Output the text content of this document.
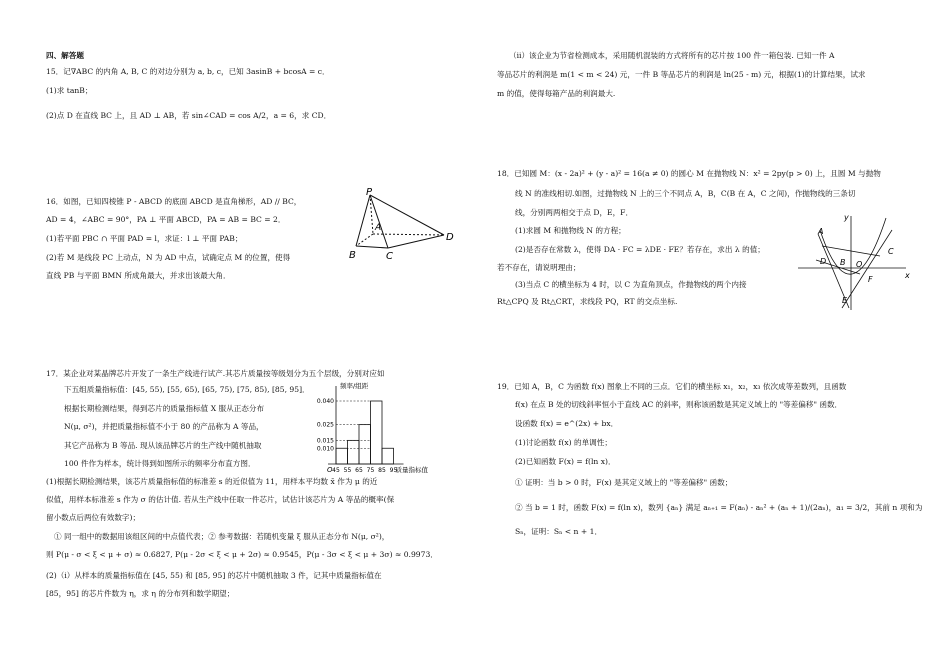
四、解答题

15．记∇ABC 的内角 A, B, C 的对边分别为 a, b, c，已知 3asinB + bcosA = c．

(1)求 tanB；

(2)点 D 在直线 BC 上，且 AD ⊥ AB，若 sin∠CAD = cos A/2，a = 6，求 CD．

16．如图，已知四棱锥 P - ABCD 的底面 ABCD 是直角梯形，AD // BC，

AD = 4，∠ABC = 90°，PA ⊥ 平面 ABCD，PA = AB = BC = 2．

(1)若平面 PBC ∩ 平面 PAD = l，求证：l ⊥ 平面 PAB；

(2)若 M 是线段 PC 上动点，N 为 AD 中点，试确定点 M 的位置，使得

直线 PB 与平面 BMN 所成角最大，并求出该最大角．

17．某企业对某晶牌芯片开发了一条生产线进行试产.其芯片质量按等级划分为五个层级，分别对应如

下五组质量指标值：[45, 55), [55, 65), [65, 75), [75, 85), [85, 95]．

根据长期检测结果，得到芯片的质量指标值 X 服从正态分布

N(μ, σ²)，并把质量指标值不小于 80 的产品称为 A 等品，

其它产品称为 B 等品. 现从该品牌芯片的生产线中随机抽取

100 件作为样本，统计得到如图所示的频率分布直方图．

(1)根据长期检测结果，该芯片质量指标值的标准差 s 的近似值为 11，用样本平均数 x̄ 作为 μ 的近

似值，用样本标准差 s 作为 σ 的估计值. 若从生产线中任取一件芯片，试估计该芯片为 A 等品的概率(保

留小数点后两位有效数字)；

① 同一组中的数据用该组区间的中点值代表；② 参考数据：若随机变量 ξ 服从正态分布 N(μ, σ²)，

则 P(μ - σ < ξ < μ + σ) ≈ 0.6827, P(μ - 2σ < ξ < μ + 2σ) ≈ 0.9545，P(μ - 3σ < ξ < μ + 3σ) ≈ 0.9973．

(2)（i）从样本的质量指标值在 [45, 55) 和 [85, 95] 的芯片中随机抽取 3 件，记其中质量指标值在

[85，95] 的芯片件数为 η，求 η 的分布列和数学期望；

P
A
B	C
D
频率/组距
质量指标值
O
0.010
0.015
0.025
0.040
45 55 65 75 85 95

（ii）该企业为节省检测成本，采用随机混装的方式将所有的芯片按 100 件一箱包装. 已知一件 A

等品芯片的利润是 m(1 < m < 24) 元，一件 B 等品芯片的利润是 ln(25 - m) 元，根据(1)的计算结果，试求

m 的值，使得每箱产品的利润最大.

18．已知圆 M：(x - 2a)² + (y - a)² = 16(a ≠ 0) 的圆心 M 在抛物线 N：x² = 2py(p > 0) 上，且圆 M 与抛物

线 N 的准线相切.如图，过抛物线 N 上的三个不同点 A，B，C(B 在 A，C 之间)，作抛物线的三条切

线，分别两两相交于点 D，E，F．

(1)求圆 M 和抛物线 N 的方程；

(2)是否存在常数 λ，使得 DA · FC = λDE · FE？若存在，求出 λ 的值；

若不存在，请说明理由；

(3)当点 C 的横坐标为 4 时，以 C 为直角顶点，作抛物线的两个内接

Rt△CPQ 及 Rt△CRT，求线段 PQ，RT 的交点坐标.

19．已知 A，B，C 为函数 f(x) 图象上不同的三点．它们的横坐标 x₁，x₂，x₃ 依次成等差数列，且函数

f(x) 在点 B 处的切线斜率恒小于直线 AC 的斜率，则称该函数是其定义域上的 "等差偏移" 函数．

设函数 f(x) = e^(2x) + bx．

(1)讨论函数 f(x) 的单调性；

(2)已知函数 F(x) = f(ln x)．

① 证明：当 b > 0 时，F(x) 是其定义域上的 "等差偏移" 函数；

② 当 b = 1 时，函数 F(x) = f(ln x)，数列 {aₙ} 满足 aₙ₊₁ = F(aₙ) - aₙ² + (aₙ + 1)/(2aₙ)，a₁ = 3/2，其前 n 项和为

Sₙ，证明：Sₙ < n + 1．

y
x
A
B
C
D
E
F
O
